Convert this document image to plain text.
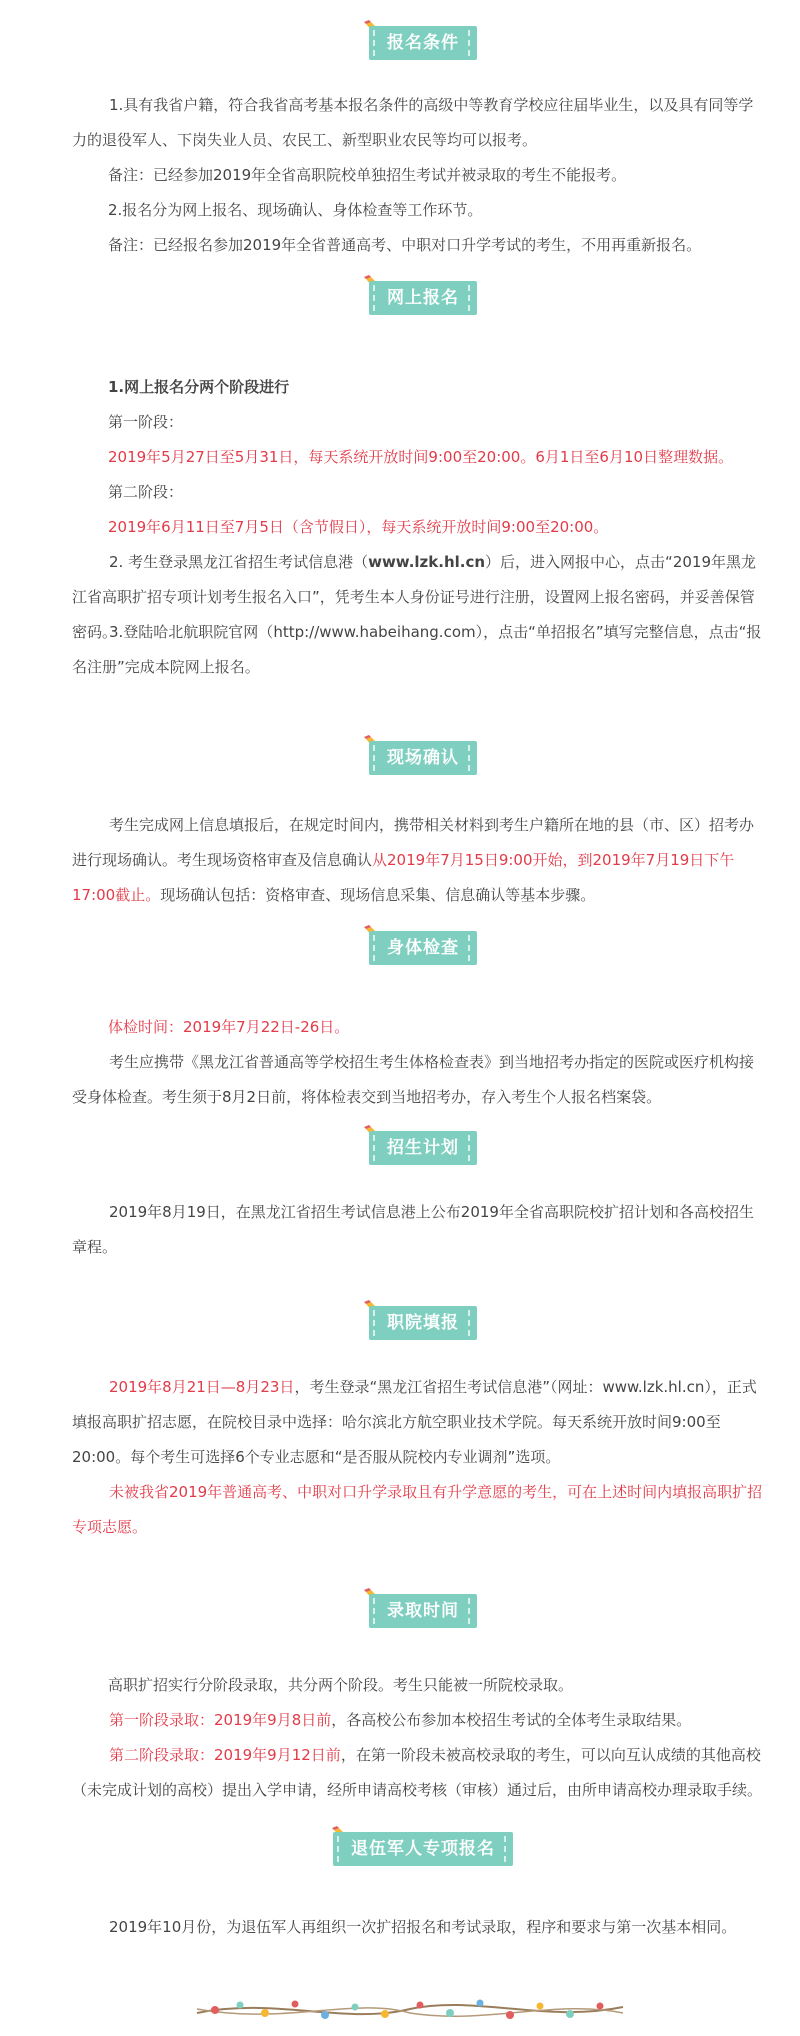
报名条件

1.具有我省户籍，符合我省高考基本报名条件的高级中等教育学校应往届毕业生，以及具有同等学力的退役军人、下岗失业人员、农民工、新型职业农民等均可以报考。

备注：已经参加2019年全省高职院校单独招生考试并被录取的考生不能报考。

2.报名分为网上报名、现场确认、身体检查等工作环节。

备注：已经报名参加2019年全省普通高考、中职对口升学考试的考生，不用再重新报名。

网上报名

1.网上报名分两个阶段进行

第一阶段：

2019年5月27日至5月31日，每天系统开放时间9:00至20:00。6月1日至6月10日整理数据。

第二阶段：

2019年6月11日至7月5日（含节假日），每天系统开放时间9:00至20:00。

2. 考生登录黑龙江省招生考试信息港（www.lzk.hl.cn）后，进入网报中心，点击“2019年黑龙江省高职扩招专项计划考生报名入口”，凭考生本人身份证号进行注册，设置网上报名密码，并妥善保管密码。

3.登陆哈北航职院官网（http://www.habeihang.com），点击“单招报名”填写完整信息，点击“报名注册”完成本院网上报名。

现场确认

考生完成网上信息填报后，在规定时间内，携带相关材料到考生户籍所在地的县（市、区）招考办进行现场确认。考生现场资格审查及信息确认从2019年7月15日9:00开始，到2019年7月19日下午17:00截止。现场确认包括：资格审查、现场信息采集、信息确认等基本步骤。

身体检查

体检时间：2019年7月22日-26日。

考生应携带《黑龙江省普通高等学校招生考生体格检查表》到当地招考办指定的医院或医疗机构接受身体检查。考生须于8月2日前，将体检表交到当地招考办，存入考生个人报名档案袋。

招生计划

2019年8月19日，在黑龙江省招生考试信息港上公布2019年全省高职院校扩招计划和各高校招生章程。

职院填报

2019年8月21日—8月23日，考生登录“黑龙江省招生考试信息港”（网址：www.lzk.hl.cn），正式填报高职扩招志愿，在院校目录中选择：哈尔滨北方航空职业技术学院。每天系统开放时间9:00至20:00。每个考生可选择6个专业志愿和“是否服从院校内专业调剂”选项。

未被我省2019年普通高考、中职对口升学录取且有升学意愿的考生，可在上述时间内填报高职扩招专项志愿。

录取时间

高职扩招实行分阶段录取，共分两个阶段。考生只能被一所院校录取。

第一阶段录取：2019年9月8日前，各高校公布参加本校招生考试的全体考生录取结果。

第二阶段录取：2019年9月12日前，在第一阶段未被高校录取的考生，可以向互认成绩的其他高校（未完成计划的高校）提出入学申请，经所申请高校考核（审核）通过后，由所申请高校办理录取手续。

退伍军人专项报名

2019年10月份，为退伍军人再组织一次扩招报名和考试录取，程序和要求与第一次基本相同。
